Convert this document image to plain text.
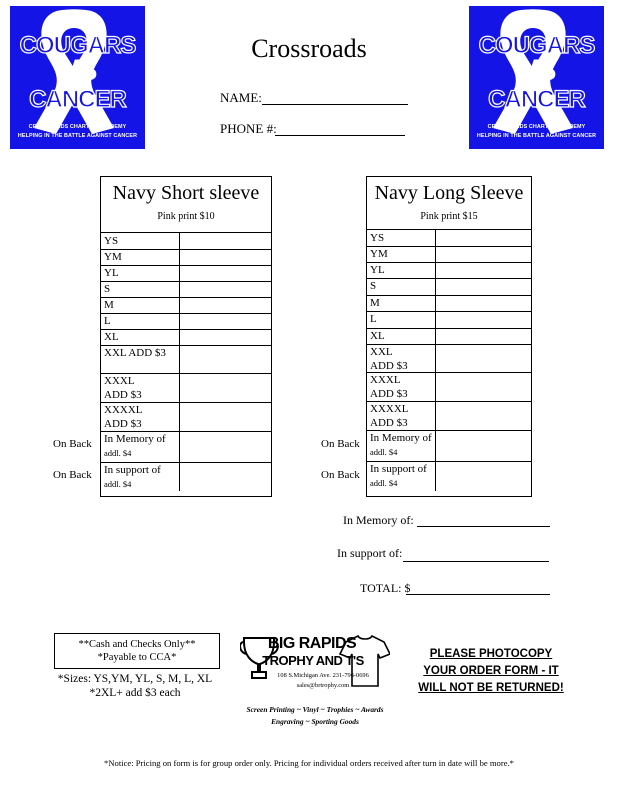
COUGARS
VS
CANCER
CROSSROADS CHARTER ACADEMY
HELPING IN THE BATTLE AGAINST CANCER
COUGARS
VS
CANCER
CROSSROADS CHARTER ACADEMY
HELPING IN THE BATTLE AGAINST CANCER
Crossroads
NAME:
PHONE #:
Navy Short sleeve
Pink print $10
YS
YM
YL
S
M
L
XL
XXL ADD $3
XXXL
ADD $3
XXXXL
ADD $3
In Memory of
addl. $4
In support of
addl. $4
Navy Long Sleeve
Pink print $15
YS
YM
YL
S
M
L
XL
XXL
ADD $3
XXXL
ADD $3
XXXXL
ADD $3
In Memory of
addl. $4
In support of
addl. $4
On Back
On Back
On Back
On Back
In Memory of:
In support of:
TOTAL: $
**Cash and Checks Only**
*Payable to CCA*
*Sizes: YS,YM, YL, S, M, L, XL
*2XL+ add $3 each
BIG RAPIDS
TROPHY AND T'S
108 S.Michigan Ave. 231-796-0696
sales@brtrophy.com
Screen Printing ~ Vinyl ~ Trophies ~ Awards
Engraving ~ Sporting Goods
PLEASE PHOTOCOPY
YOUR ORDER FORM - IT
WILL NOT BE RETURNED!
*Notice: Pricing on form is for group order only. Pricing for individual orders received after turn in date will be more.*
